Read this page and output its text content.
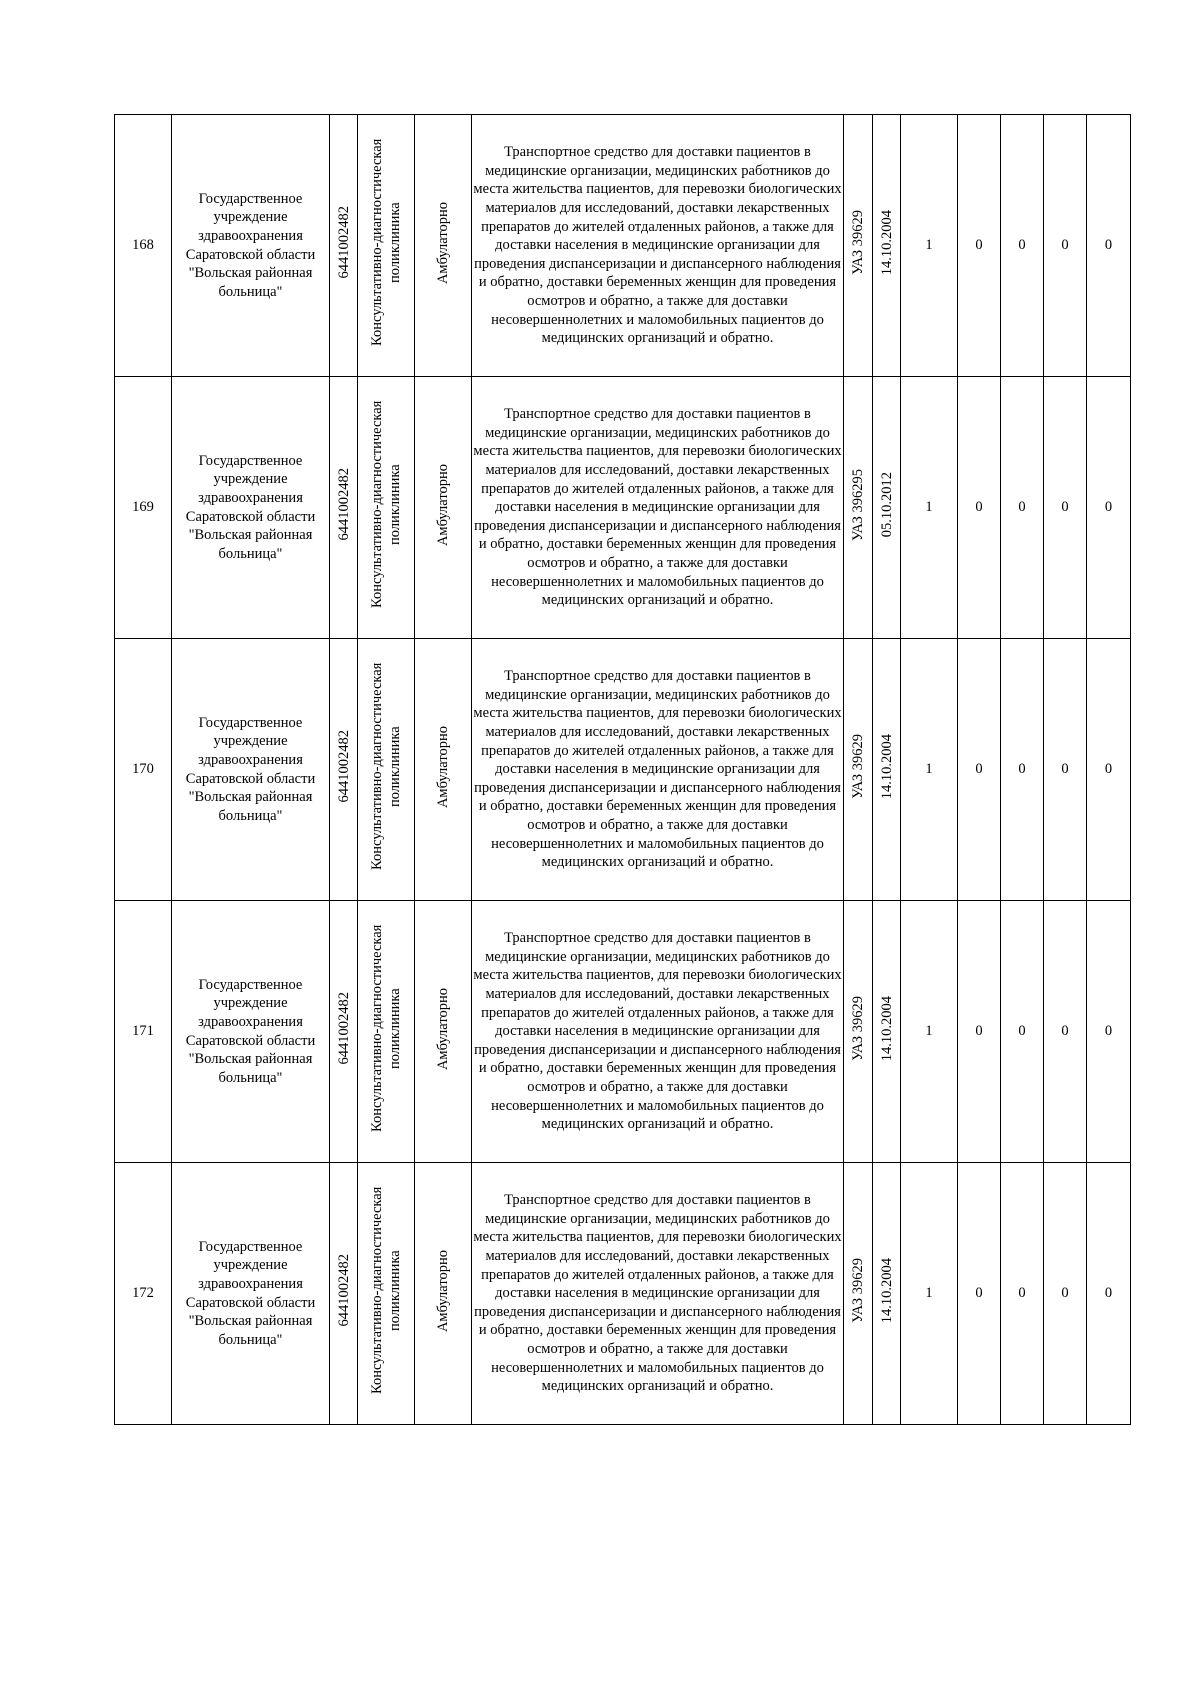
168	Государственное учреждение здравоохранения Саратовской области "Вольская районная больница"	6441002482	Консультативно-диагностическая поликлиника	Амбулаторно	Транспортное средство для доставки пациентов в медицинские организации, медицинских работников до места жительства пациентов, для перевозки биологических материалов для исследований, доставки лекарственных препаратов до жителей отдаленных районов, а также для доставки населения в медицинские организации для проведения диспансеризации и диспансерного наблюдения и обратно, доставки беременных женщин для проведения осмотров и обратно, а также для доставки несовершеннолетних и маломобильных пациентов до медицинских организаций и обратно.	УАЗ 39629	14.10.2004	1	0	0	0	0
169	Государственное учреждение здравоохранения Саратовской области "Вольская районная больница"	6441002482	Консультативно-диагностическая поликлиника	Амбулаторно	Транспортное средство для доставки пациентов в медицинские организации, медицинских работников до места жительства пациентов, для перевозки биологических материалов для исследований, доставки лекарственных препаратов до жителей отдаленных районов, а также для доставки населения в медицинские организации для проведения диспансеризации и диспансерного наблюдения и обратно, доставки беременных женщин для проведения осмотров и обратно, а также для доставки несовершеннолетних и маломобильных пациентов до медицинских организаций и обратно.	УАЗ 396295	05.10.2012	1	0	0	0	0
170	Государственное учреждение здравоохранения Саратовской области "Вольская районная больница"	6441002482	Консультативно-диагностическая поликлиника	Амбулаторно	Транспортное средство для доставки пациентов в медицинские организации, медицинских работников до места жительства пациентов, для перевозки биологических материалов для исследований, доставки лекарственных препаратов до жителей отдаленных районов, а также для доставки населения в медицинские организации для проведения диспансеризации и диспансерного наблюдения и обратно, доставки беременных женщин для проведения осмотров и обратно, а также для доставки несовершеннолетних и маломобильных пациентов до медицинских организаций и обратно.	УАЗ 39629	14.10.2004	1	0	0	0	0
171	Государственное учреждение здравоохранения Саратовской области "Вольская районная больница"	6441002482	Консультативно-диагностическая поликлиника	Амбулаторно	Транспортное средство для доставки пациентов в медицинские организации, медицинских работников до места жительства пациентов, для перевозки биологических материалов для исследований, доставки лекарственных препаратов до жителей отдаленных районов, а также для доставки населения в медицинские организации для проведения диспансеризации и диспансерного наблюдения и обратно, доставки беременных женщин для проведения осмотров и обратно, а также для доставки несовершеннолетних и маломобильных пациентов до медицинских организаций и обратно.	УАЗ 39629	14.10.2004	1	0	0	0	0
172	Государственное учреждение здравоохранения Саратовской области "Вольская районная больница"	6441002482	Консультативно-диагностическая поликлиника	Амбулаторно	Транспортное средство для доставки пациентов в медицинские организации, медицинских работников до места жительства пациентов, для перевозки биологических материалов для исследований, доставки лекарственных препаратов до жителей отдаленных районов, а также для доставки населения в медицинские организации для проведения диспансеризации и диспансерного наблюдения и обратно, доставки беременных женщин для проведения осмотров и обратно, а также для доставки несовершеннолетних и маломобильных пациентов до медицинских организаций и обратно.	УАЗ 39629	14.10.2004	1	0	0	0	0
